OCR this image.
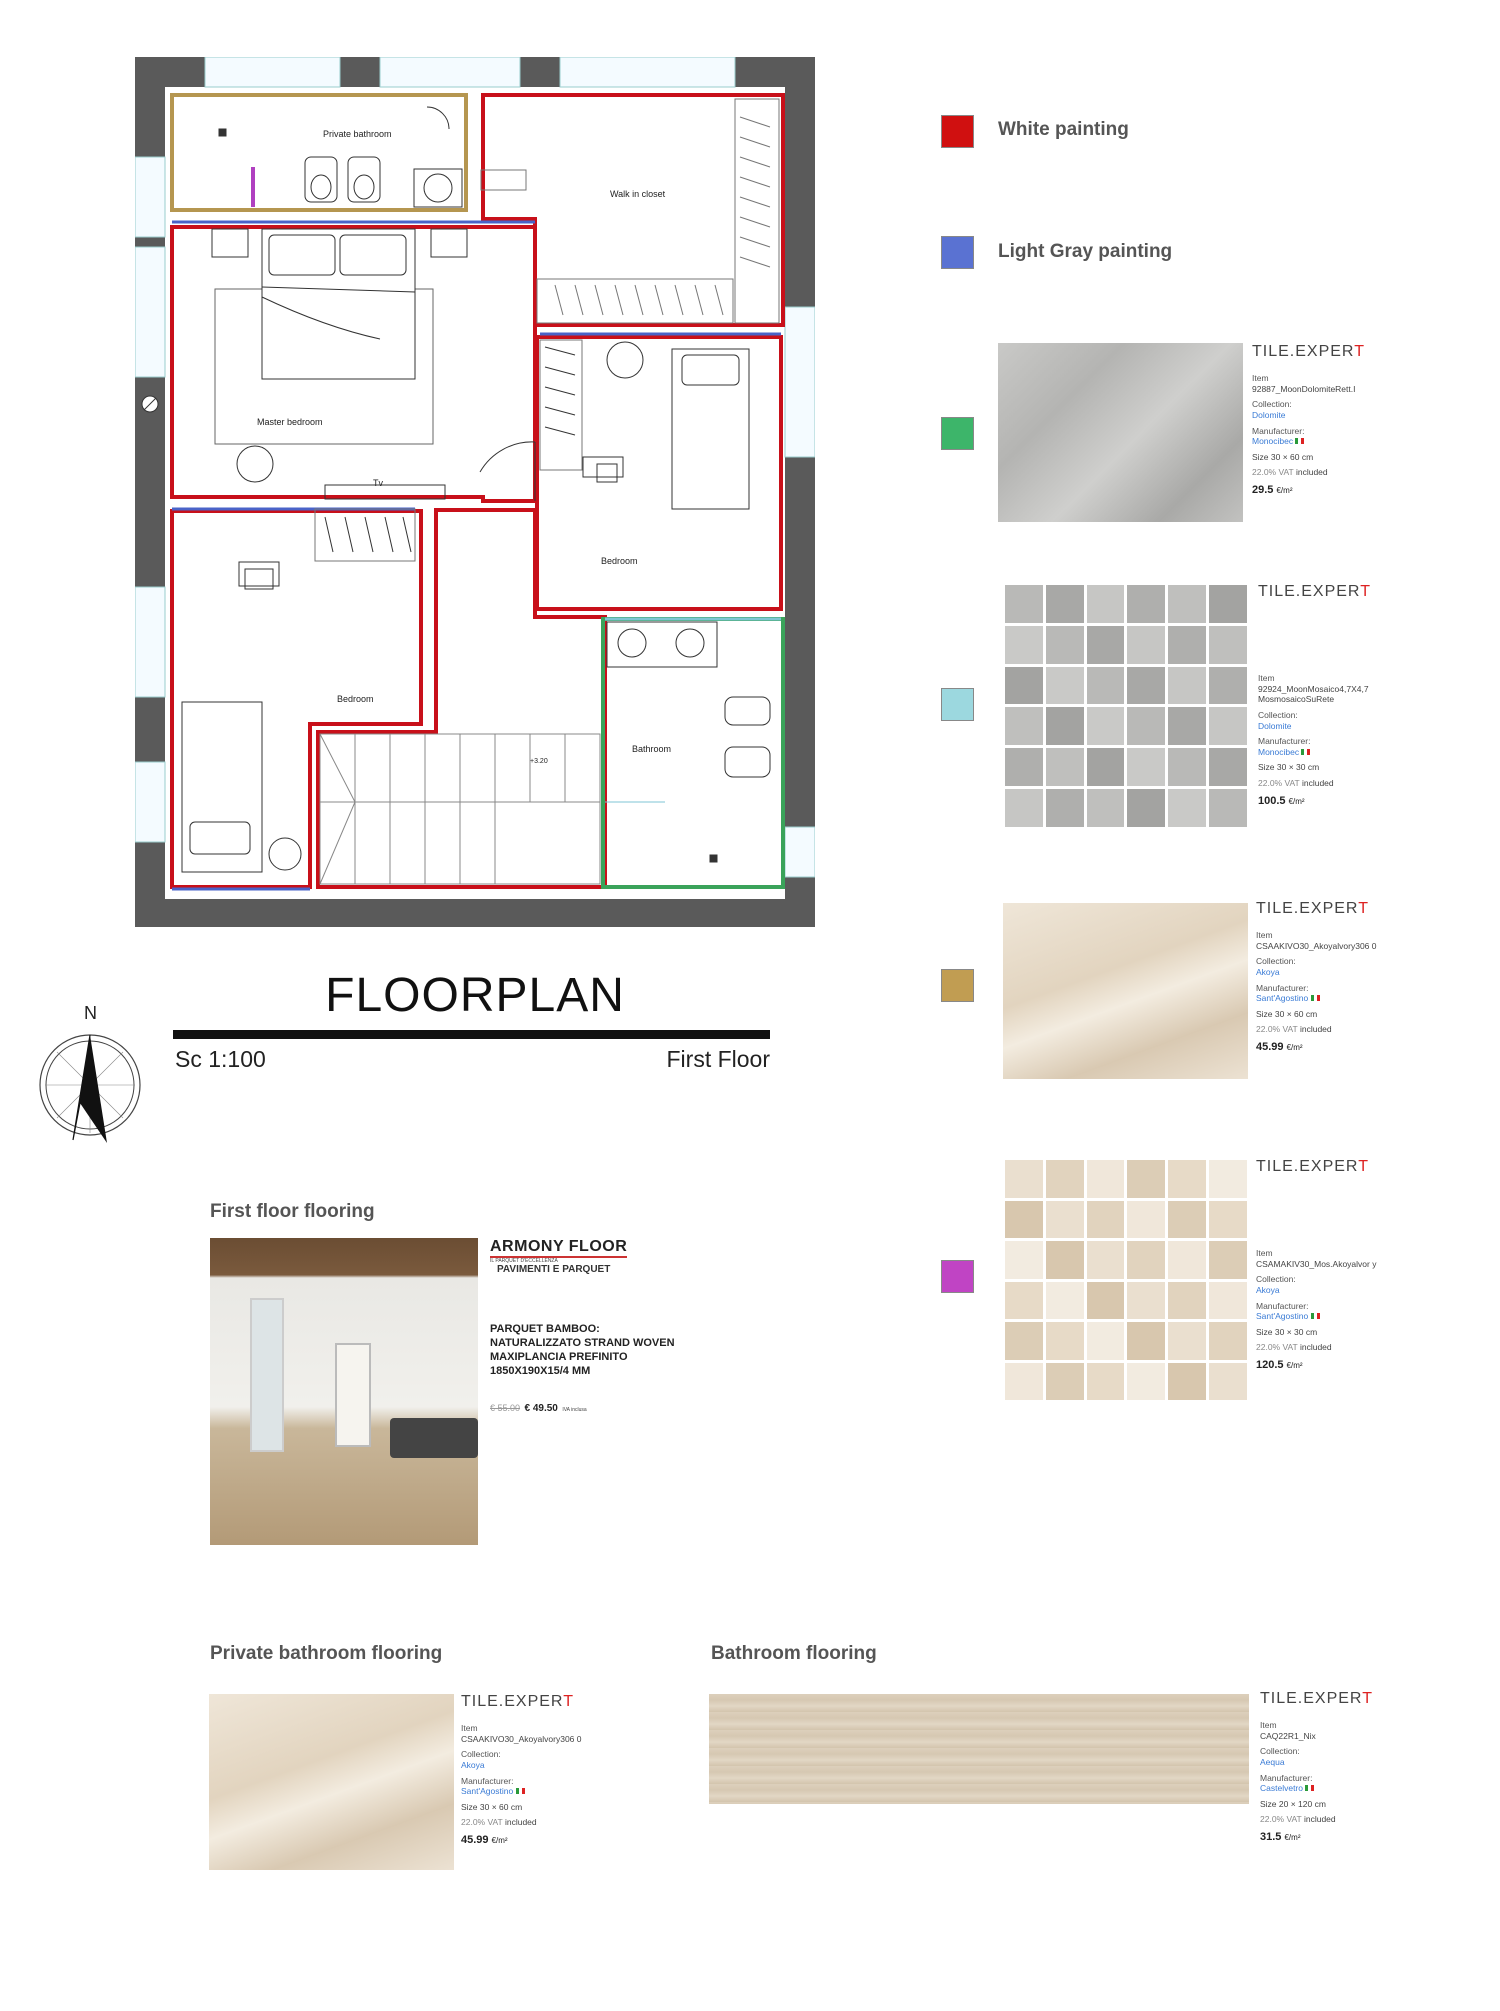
Private bathroom
Walk in closet
Master bedroom
Bedroom
Bedroom
Bathroom
Tv
+3.20
FLOORPLAN
Sc 1:100	First Floor
N
White painting
Light Gray painting
TILE.EXPERT
Item
92887_MoonDolomiteRett.I
Collection:
Dolomite
Manufacturer:
Monocibec
Size 30 × 60 cm
22.0% VAT included
29.5 €/m²
TILE.EXPERT
Item
92924_MoonMosaico4,7X4,7 MosmosaicoSuRete
Collection:
Dolomite
Manufacturer:
Monocibec
Size 30 × 30 cm
22.0% VAT included
100.5 €/m²
TILE.EXPERT
Item
CSAAKIVO30_Akoyalvory306 0
Collection:
Akoya
Manufacturer:
Sant'Agostino
Size 30 × 60 cm
22.0% VAT included
45.99 €/m²
TILE.EXPERT
Item
CSAMAKIV30_Mos.Akoyalvor y
Collection:
Akoya
Manufacturer:
Sant'Agostino
Size 30 × 30 cm
22.0% VAT included
120.5 €/m²
First floor flooring
ARMONY FLOOR
IL PARQUET D'ECCELLENZA
PAVIMENTI E PARQUET
PARQUET BAMBOO:
NATURALIZZATO STRAND WOVEN
MAXIPLANCIA PREFINITO
1850X190X15/4 MM
€ 55.00 € 49.50 IVA inclusa
Private bathroom flooring
TILE.EXPERT
Item
CSAAKIVO30_Akoyalvory306 0
Collection:
Akoya
Manufacturer:
Sant'Agostino
Size 30 × 60 cm
22.0% VAT included
45.99 €/m²
Bathroom flooring
TILE.EXPERT
Item
CAQ22R1_Nix
Collection:
Aequa
Manufacturer:
Castelvetro
Size 20 × 120 cm
22.0% VAT included
31.5 €/m²
